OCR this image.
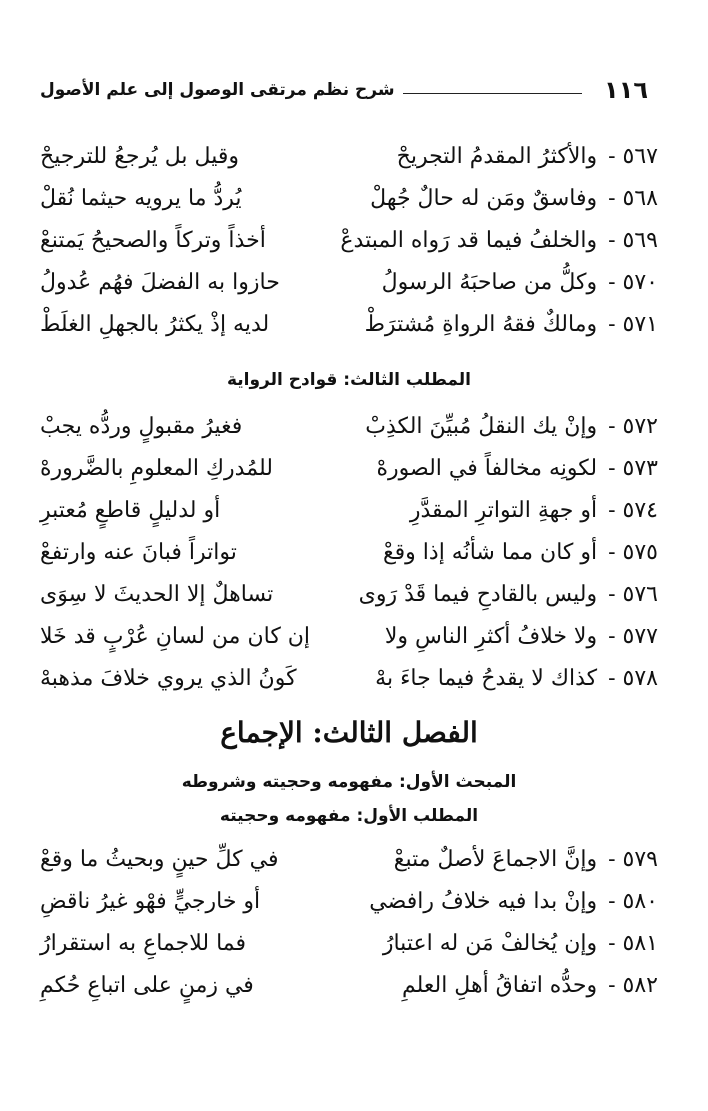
١١٦
شرح نظم مرتقى الوصول إلى علم الأصول
٥٦٧ - والأكثرُ المقدمُ التجريحْ
وقيل بل يُرجعُ للترجيحْ
٥٦٨ - وفاسقٌ ومَن له حالٌ جُهلْ
يُردُّ ما يرويه حيثما نُقلْ
٥٦٩ - والخلفُ فيما قد رَواه المبتدعْ
أخذاً وتركاً والصحيحُ يَمتنعْ
٥٧٠ - وكلُّ من صاحبَهُ الرسولُ
حازوا به الفضلَ فهُم عُدولُ
٥٧١ - ومالكٌ فقهُ الرواةِ مُشترَطْ
لديه إذْ يكثرُ بالجهلِ الغلَطْ
المطلب الثالث: قوادح الرواية
٥٧٢ - وإنْ يك النقلُ مُبيِّنَ الكذِبْ
فغيرُ مقبولٍ وردُّه يجبْ
٥٧٣ - لكونِه مخالفاً في الصورهْ
للمُدركِ المعلومِ بالضَّرورهْ
٥٧٤ - أو جهةِ التواترِ المقدَّرِ
أو لدليلٍ قاطعٍ مُعتبرِ
٥٧٥ - أو كان مما شأنُه إذا وقعْ
تواتراً فبانَ عنه وارتفعْ
٥٧٦ - وليس بالقادحِ فيما قَدْ رَوى
تساهلٌ إلا الحديثَ لا سِوَى
٥٧٧ - ولا خلافُ أكثرِ الناسِ ولا
إن كان من لسانِ عُرْبٍ قد خَلا
٥٧٨ - كذاك لا يقدحُ فيما جاءَ بهْ
كَونُ الذي يروي خلافَ مذهبهْ
الفصل الثالث: الإجماع
المبحث الأول: مفهومه وحجيته وشروطه
المطلب الأول: مفهومه وحجيته
٥٧٩ - وإنَّ الاجماعَ لأصلٌ متبعْ
في كلِّ حينٍ وبحيثُ ما وقعْ
٥٨٠ - وإنْ بدا فيه خلافُ رافضي
أو خارجيٍّ فهْو غيرُ ناقضِ
٥٨١ - وإن يُخالفْ مَن له اعتبارُ
فما للاجماعِ به استقرارُ
٥٨٢ - وحدُّه اتفاقُ أهلِ العلمِ
في زمنٍ على اتباعِ حُكمِ
